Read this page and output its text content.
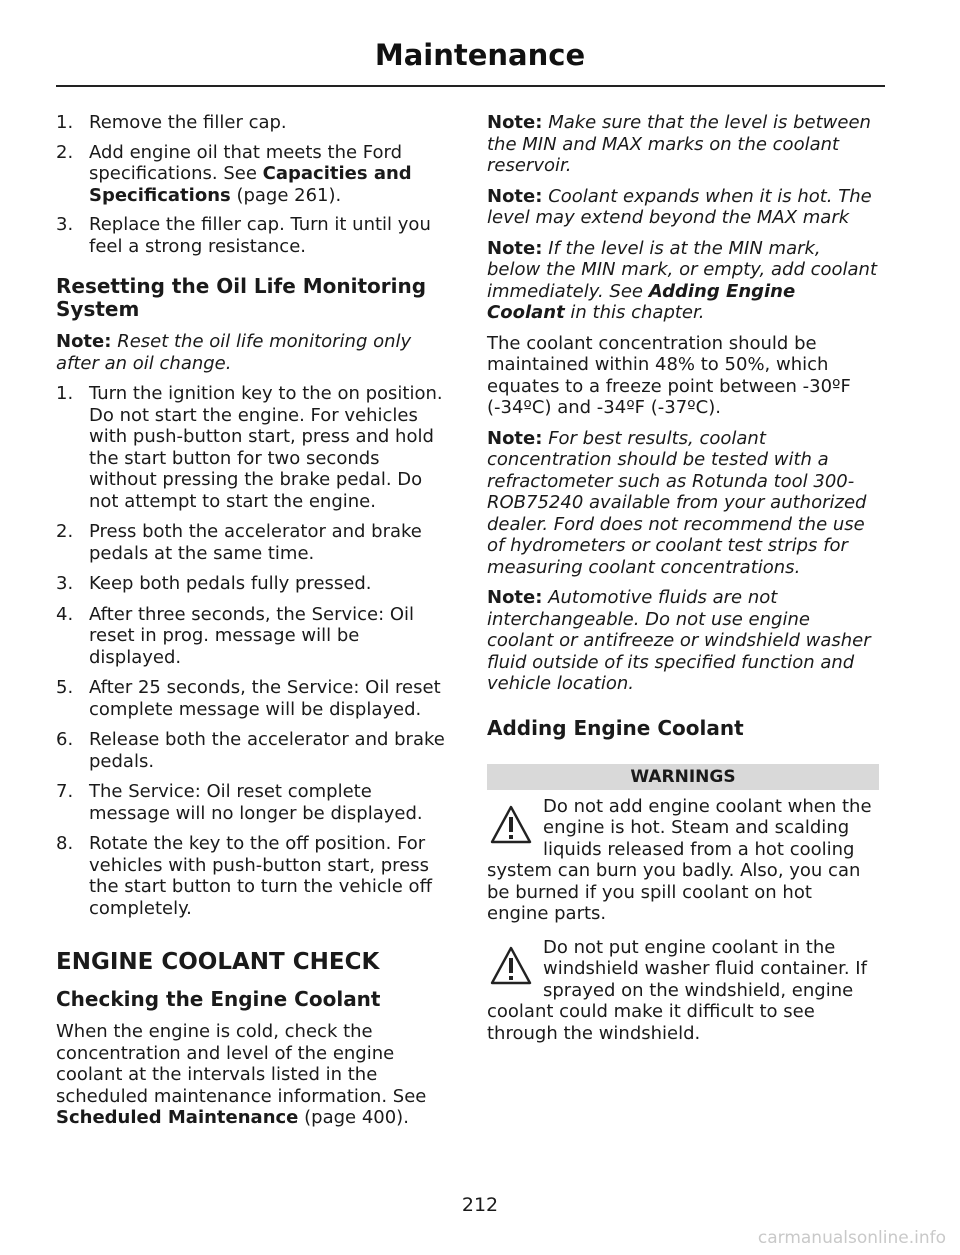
Maintenance
1. Remove the filler cap.
2. Add engine oil that meets the Ford specifications. See Capacities and Specifications (page 261).
3. Replace the filler cap. Turn it until you feel a strong resistance.
Resetting the Oil Life Monitoring System

Note: Reset the oil life monitoring only after an oil change.

1. Turn the ignition key to the on position. Do not start the engine. For vehicles with push-button start, press and hold the start button for two seconds without pressing the brake pedal. Do not attempt to start the engine.
2. Press both the accelerator and brake pedals at the same time.
3. Keep both pedals fully pressed.
4. After three seconds, the Service: Oil reset in prog. message will be displayed.
5. After 25 seconds, the Service: Oil reset complete message will be displayed.
6. Release both the accelerator and brake pedals.
7. The Service: Oil reset complete message will no longer be displayed.
8. Rotate the key to the off position. For vehicles with push-button start, press the start button to turn the vehicle off completely.
ENGINE COOLANT CHECK
Checking the Engine Coolant

When the engine is cold, check the concentration and level of the engine coolant at the intervals listed in the scheduled maintenance information. See Scheduled Maintenance (page 400).

Note: Make sure that the level is between the MIN and MAX marks on the coolant reservoir.

Note: Coolant expands when it is hot. The level may extend beyond the MAX mark

Note: If the level is at the MIN mark, below the MIN mark, or empty, add coolant immediately. See Adding Engine Coolant in this chapter.

The coolant concentration should be maintained within 48% to 50%, which equates to a freeze point between -30ºF (-34ºC) and -34ºF (-37ºC).

Note: For best results, coolant concentration should be tested with a refractometer such as Rotunda tool 300-ROB75240 available from your authorized dealer. Ford does not recommend the use of hydrometers or coolant test strips for measuring coolant concentrations.

Note: Automotive fluids are not interchangeable. Do not use engine coolant or antifreeze or windshield washer fluid outside of its specified function and vehicle location.

Adding Engine Coolant
WARNINGS

Do not add engine coolant when the engine is hot. Steam and scalding liquids released from a hot cooling system can burn you badly. Also, you can be burned if you spill coolant on hot engine parts.

Do not put engine coolant in the windshield washer fluid container. If sprayed on the windshield, engine coolant could make it difficult to see through the windshield.

212
carmanualsonline.info
